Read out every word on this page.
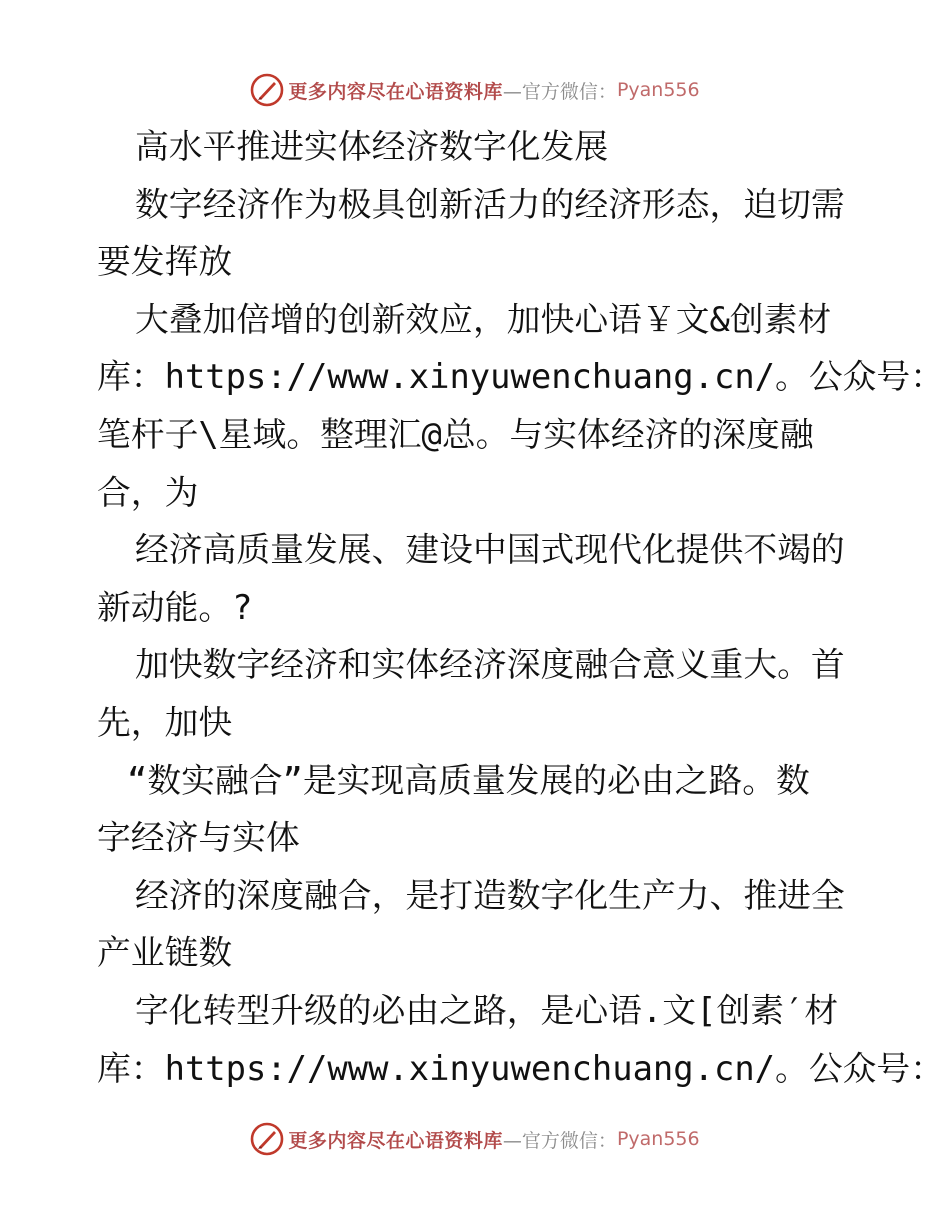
更多内容尽在心语资料库 —官方微信： Pyan556
高水平推进实体经济数字化发展
数字经济作为极具创新活力的经济形态，迫切需
要发挥放
大叠加倍增的创新效应，加快心语￥文&创素材
库：https://www.xinyuwenchuang.cn/。公众号：
笔杆子\星域。整理汇@总。与实体经济的深度融
合，为
经济高质量发展、建设中国式现代化提供不竭的
新动能。?
加快数字经济和实体经济深度融合意义重大。首
先，加快
“数实融合”是实现高质量发展的必由之路。数
字经济与实体
经济的深度融合，是打造数字化生产力、推进全
产业链数
字化转型升级的必由之路，是心语.文[创素′材
库：https://www.xinyuwenchuang.cn/。公众号：
更多内容尽在心语资料库 —官方微信： Pyan556
